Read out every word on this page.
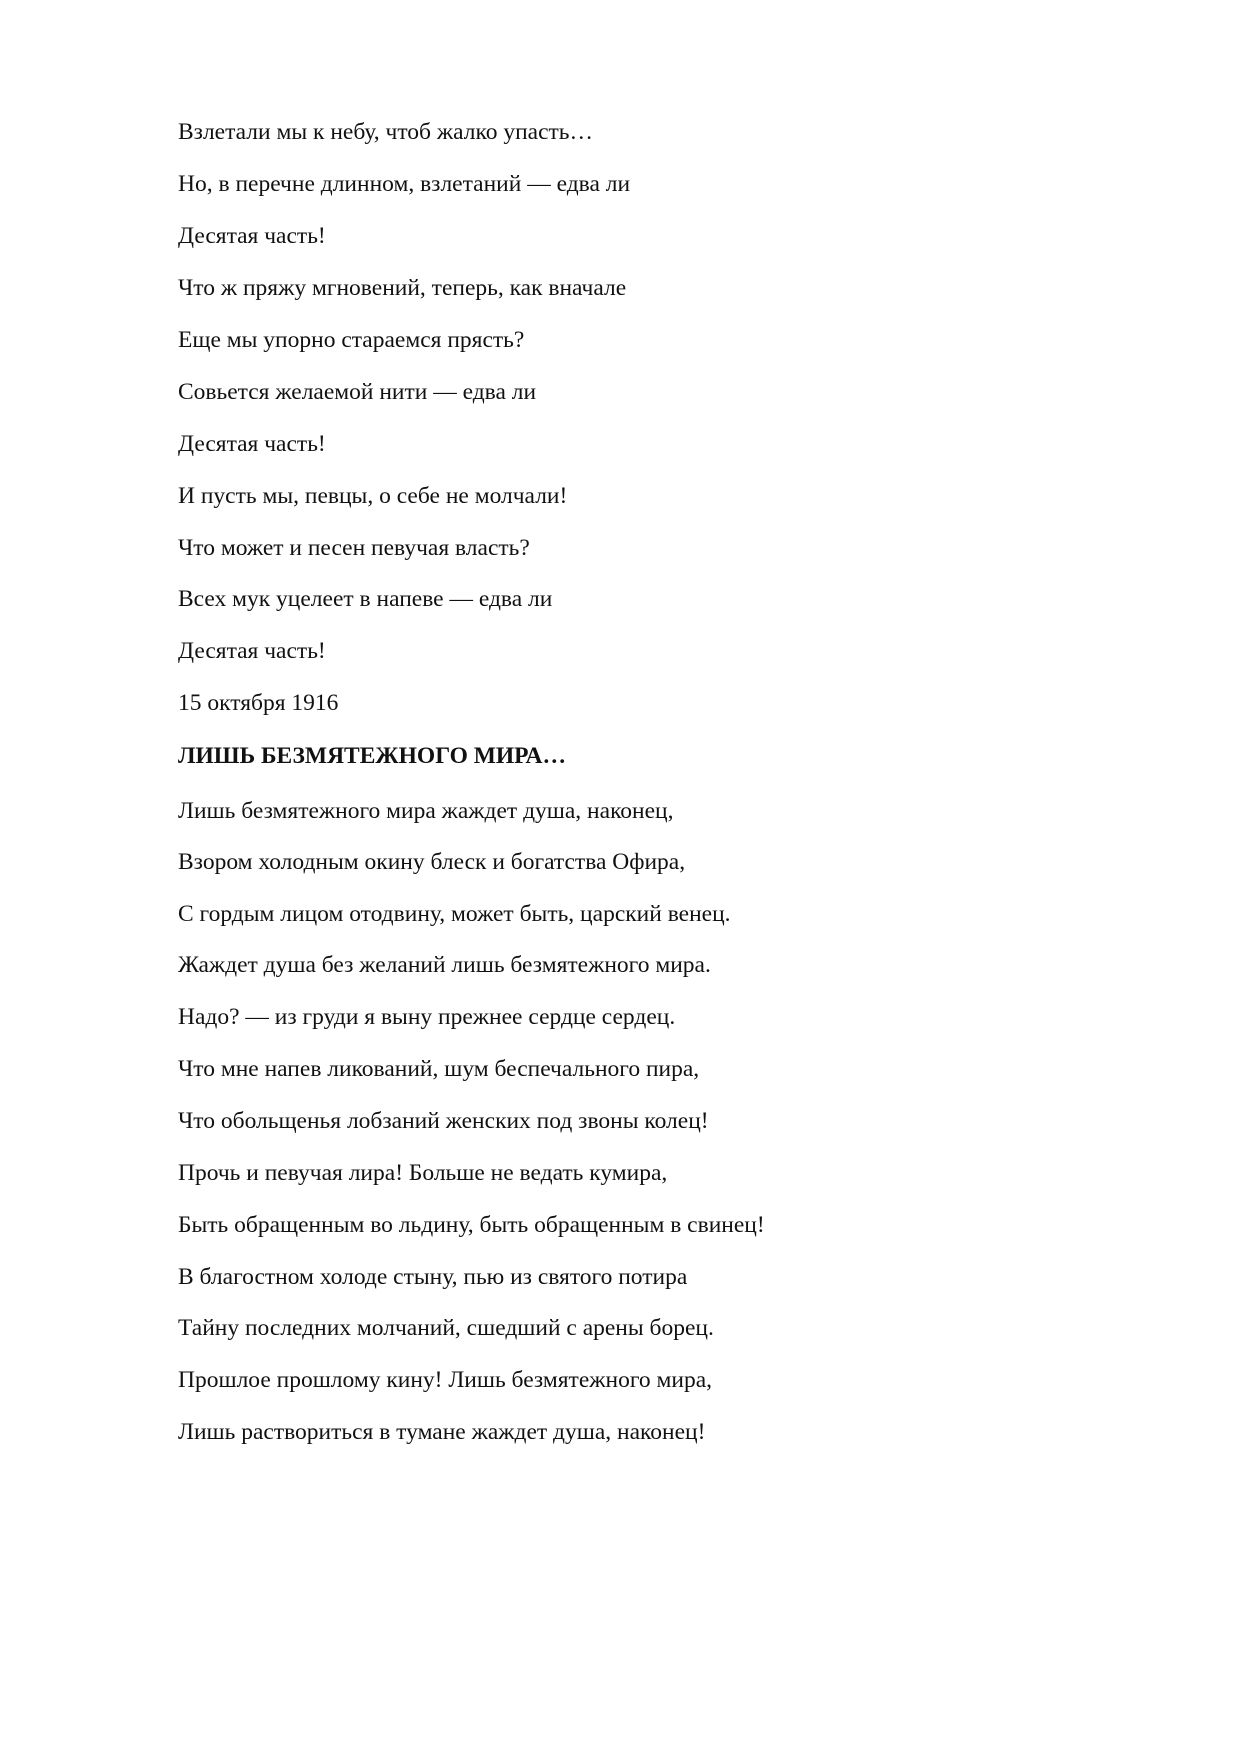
Взлетали мы к небу, чтоб жалко упасть…
Но, в перечне длинном, взлетаний — едва ли
Десятая часть!
Что ж пряжу мгновений, теперь, как вначале
Еще мы упорно стараемся прясть?
Совьется желаемой нити — едва ли
Десятая часть!
И пусть мы, певцы, о себе не молчали!
Что может и песен певучая власть?
Всех мук уцелеет в напеве — едва ли
Десятая часть!
15 октября 1916
ЛИШЬ БЕЗМЯТЕЖНОГО МИРА…
Лишь безмятежного мира жаждет душа, наконец,
Взором холодным окину блеск и богатства Офира,
С гордым лицом отодвину, может быть, царский венец.
Жаждет душа без желаний лишь безмятежного мира.
Надо? — из груди я выну прежнее сердце сердец.
Что мне напев ликований, шум беспечального пира,
Что обольщенья лобзаний женских под звоны колец!
Прочь и певучая лира! Больше не ведать кумира,
Быть обращенным во льдину, быть обращенным в свинец!
В благостном холоде стыну, пью из святого потира
Тайну последних молчаний, сшедший с арены борец.
Прошлое прошлому кину! Лишь безмятежного мира,
Лишь раствориться в тумане жаждет душа, наконец!
